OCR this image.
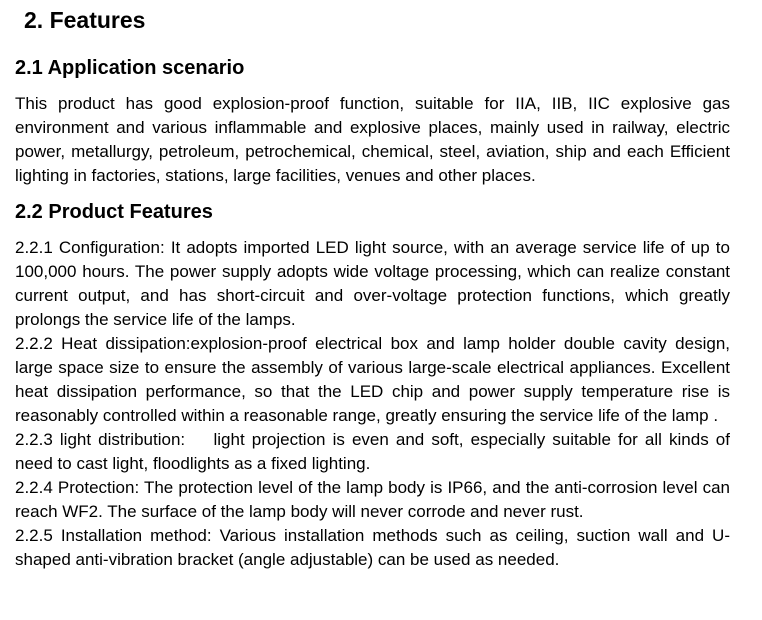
2. Features
2.1 Application scenario

This product has good explosion-proof function, suitable for IIA, IIB, IIC explosive gas environment and various inflammable and explosive places, mainly used in railway, electric power, metallurgy, petroleum, petrochemical, chemical, steel, aviation, ship and each Efficient lighting in factories, stations, large facilities, venues and other places.

2.2 Product Features

2.2.1 Configuration: It adopts imported LED light source, with an average service life of up to 100,000 hours. The power supply adopts wide voltage processing, which can realize constant current output, and has short-circuit and over-voltage protection functions, which greatly prolongs the service life of the lamps.

2.2.2 Heat dissipation:explosion-proof electrical box and lamp holder double cavity design, large space size to ensure the assembly of various large-scale electrical appliances. Excellent heat dissipation performance, so that the LED chip and power supply temperature rise is reasonably controlled within a reasonable range, greatly ensuring the service life of the lamp .

2.2.3 light distribution:    light projection is even and soft, especially suitable for all kinds of need to cast light, floodlights as a fixed lighting.

2.2.4 Protection: The protection level of the lamp body is IP66, and the anti-corrosion level can reach WF2. The surface of the lamp body will never corrode and never rust.

2.2.5 Installation method: Various installation methods such as ceiling, suction wall and U-shaped anti-vibration bracket (angle adjustable) can be used as needed.
